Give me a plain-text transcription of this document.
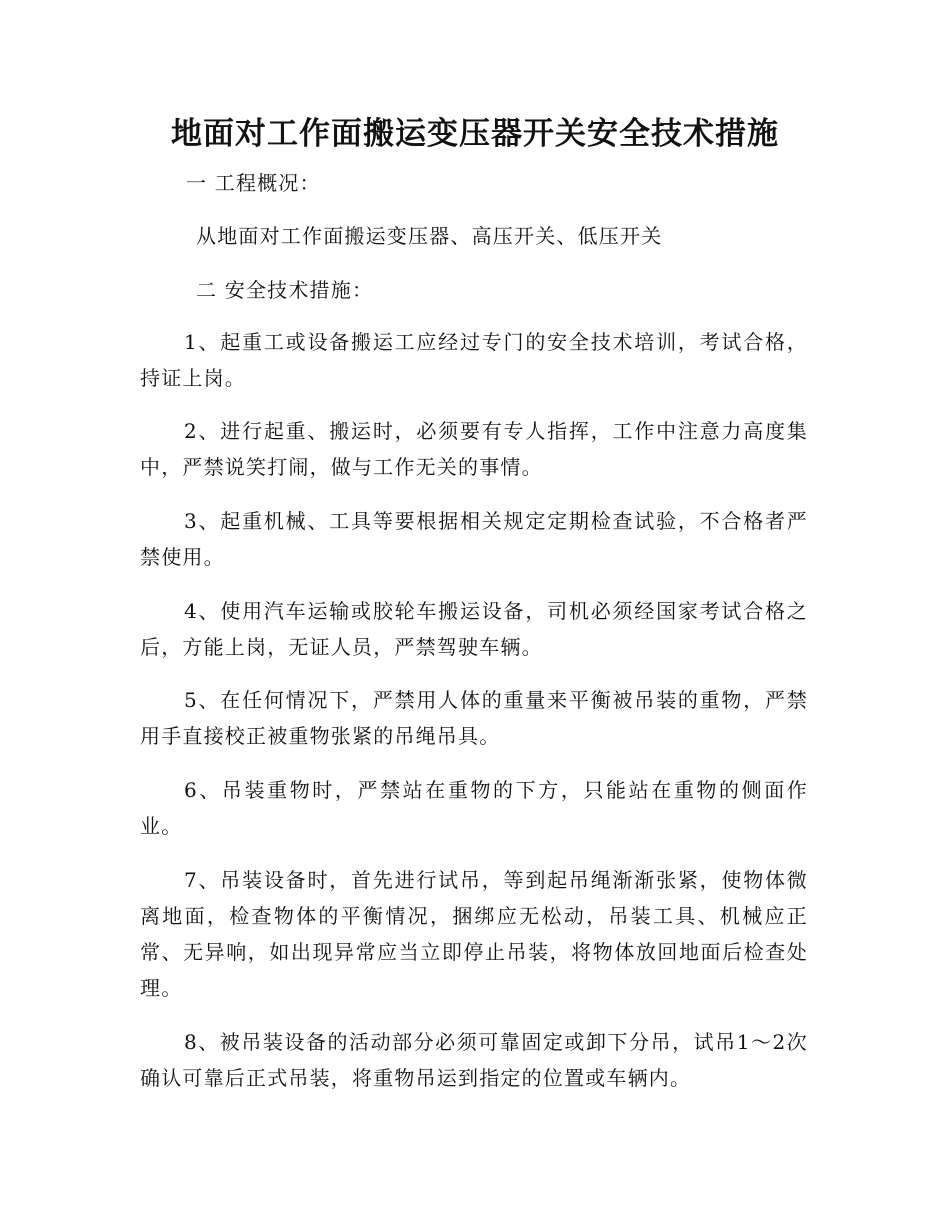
地面对工作面搬运变压器开关安全技术措施

一 工程概况：

从地面对工作面搬运变压器、高压开关、低压开关

二 安全技术措施：

1、起重工或设备搬运工应经过专门的安全技术培训，考试合格，持证上岗。

2、进行起重、搬运时，必须要有专人指挥，工作中注意力高度集中，严禁说笑打闹，做与工作无关的事情。

3、起重机械、工具等要根据相关规定定期检查试验，不合格者严禁使用。

4、使用汽车运输或胶轮车搬运设备，司机必须经国家考试合格之后，方能上岗，无证人员，严禁驾驶车辆。

5、在任何情况下，严禁用人体的重量来平衡被吊装的重物，严禁用手直接校正被重物张紧的吊绳吊具。

6、吊装重物时，严禁站在重物的下方，只能站在重物的侧面作业。

7、吊装设备时，首先进行试吊，等到起吊绳渐渐张紧，使物体微离地面，检查物体的平衡情况，捆绑应无松动，吊装工具、机械应正常、无异响，如出现异常应当立即停止吊装，将物体放回地面后检查处理。

8、被吊装设备的活动部分必须可靠固定或卸下分吊，试吊1～2次确认可靠后正式吊装，将重物吊运到指定的位置或车辆内。
